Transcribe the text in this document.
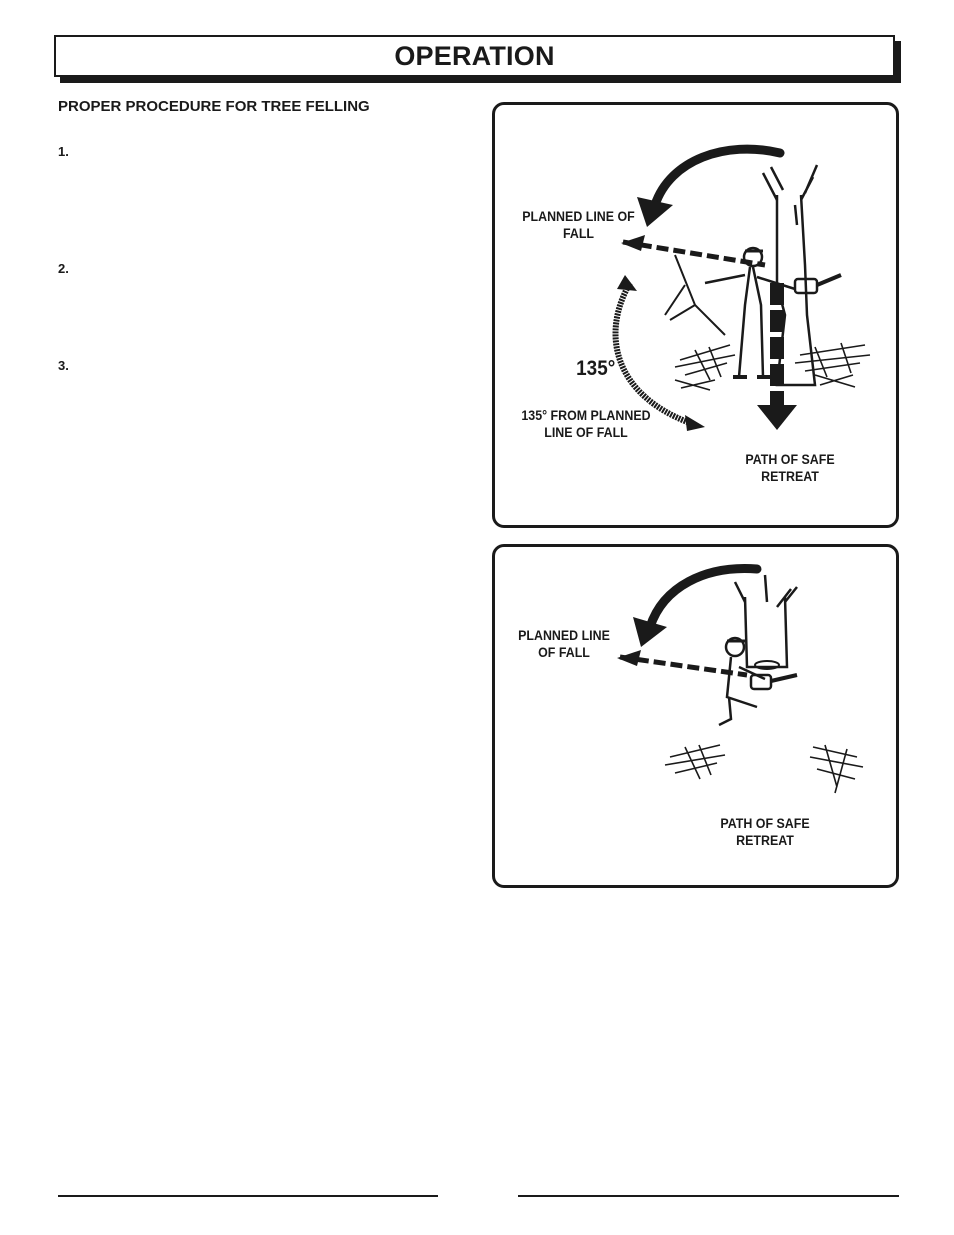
OPERATION
PROPER PROCEDURE FOR TREE FELLING
1.
2.
3.
PLANNED LINE OF
FALL
135°
135° FROM PLANNED
LINE OF FALL
PATH OF SAFE
RETREAT
PLANNED LINE
OF FALL
PATH OF SAFE
RETREAT
